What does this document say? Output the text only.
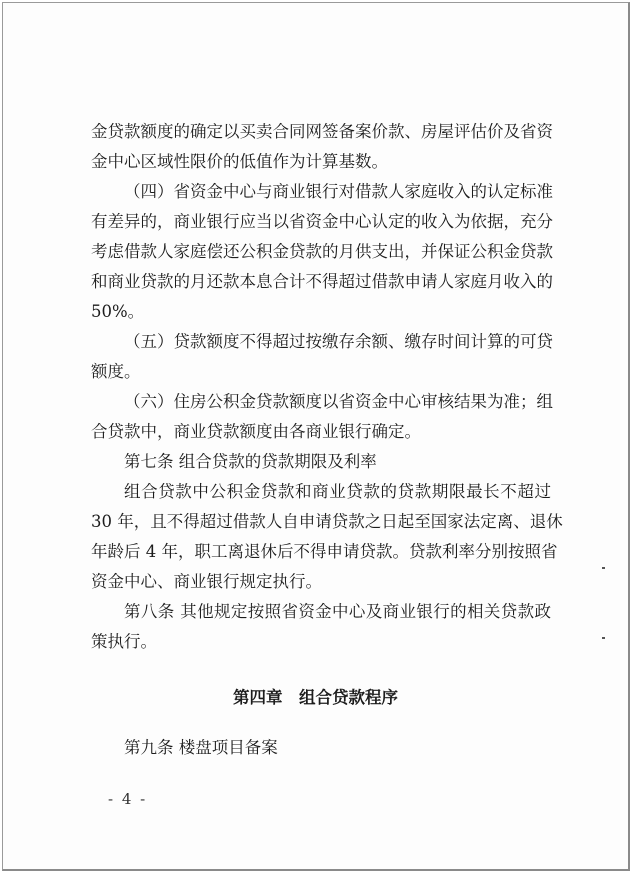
金贷款额度的确定以买卖合同网签备案价款、房屋评估价及省资
金中心区域性限价的低值作为计算基数。
（四）省资金中心与商业银行对借款人家庭收入的认定标准
有差异的，商业银行应当以省资金中心认定的收入为依据，充分
考虑借款人家庭偿还公积金贷款的月供支出，并保证公积金贷款
和商业贷款的月还款本息合计不得超过借款申请人家庭月收入的
50%。
（五）贷款额度不得超过按缴存余额、缴存时间计算的可贷
额度。
（六）住房公积金贷款额度以省资金中心审核结果为准；组
合贷款中，商业贷款额度由各商业银行确定。
第七条 组合贷款的贷款期限及利率
组合贷款中公积金贷款和商业贷款的贷款期限最长不超过
30 年，且不得超过借款人自申请贷款之日起至国家法定离、退休
年龄后 4 年，职工离退休后不得申请贷款。贷款利率分别按照省
资金中心、商业银行规定执行。
第八条 其他规定按照省资金中心及商业银行的相关贷款政
策执行。
第四章　组合贷款程序
第九条 楼盘项目备案
- 4 -
